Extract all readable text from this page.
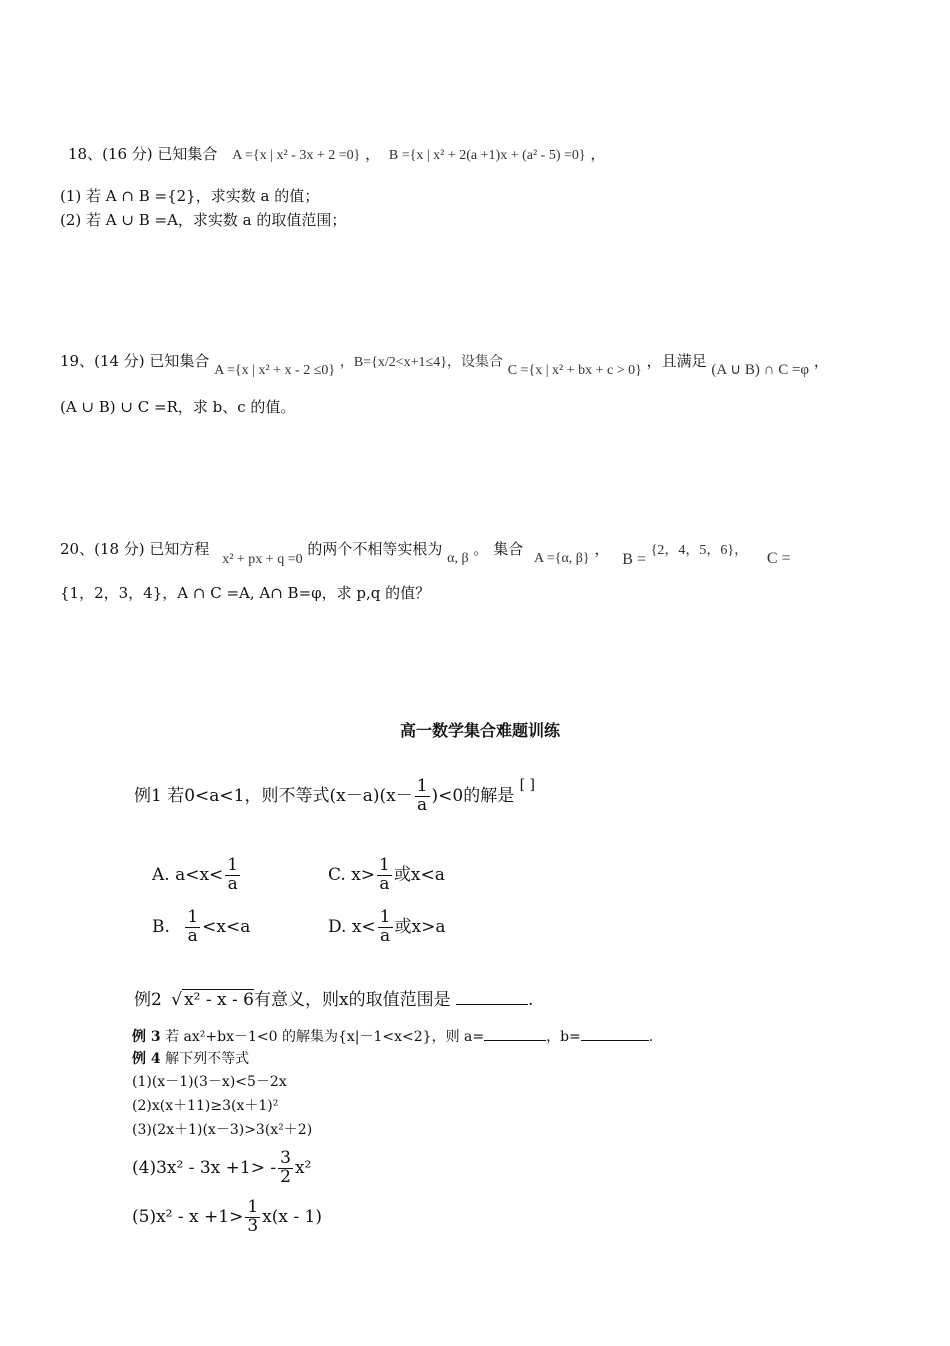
18、(16 分) 已知集合 A ={x | x² - 3x + 2 =0} ， B ={x | x² + 2(a +1)x + (a² - 5) =0} ，
(1) 若 A ∩ B ={2}，求实数 a 的值；
(2) 若 A ∪ B =A，求实数 a 的取值范围；
19、(14 分) 已知集合 A ={x | x² + x - 2 ≤0} ，B={x/2<x+1≤4}，设集合 C ={x | x² + bx + c > 0} ，且满足 (A ∪ B) ∩ C =φ ，
(A ∪ B) ∪ C =R，求 b、c 的值。
20、(18 分) 已知方程 x² + px + q =0 的两个不相等实根为 α, β 。 集合 A ={α, β} ， B = {2，4，5，6}， C =
{1，2，3，4}，A ∩ C =A, A∩ B=φ，求 p,q 的值？
高一数学集合难题训练
例1 若0<a<1，则不等式$(x-a)(x- \frac{1}{a} )<0$的解是 [ ]
A. $a<x< \frac{1}{a}$	C. $x> \frac{1}{a}$ 或x<a
B. $\frac{1}{a} <x<a$	D. $x< \frac{1}{a}$ 或x>a
例2 √ x² - x - 6有意义，则x的取值范围是	.
例 3 若 ax²+bx－1<0 的解集为{x|－1<x<2}，则 a=	，b=	.
例 4 解下列不等式
(1)(x－1)(3－x)<5－2x
(2)x(x＋11)≥3(x＋1)²
(3)(2x＋1)(x－3)>3(x²＋2)
$(4)3x^2 - 3x +1> - \frac{3}{2} x^2$
$(5)x^2 - x +1> \frac{1}{3} x(x - 1)$
